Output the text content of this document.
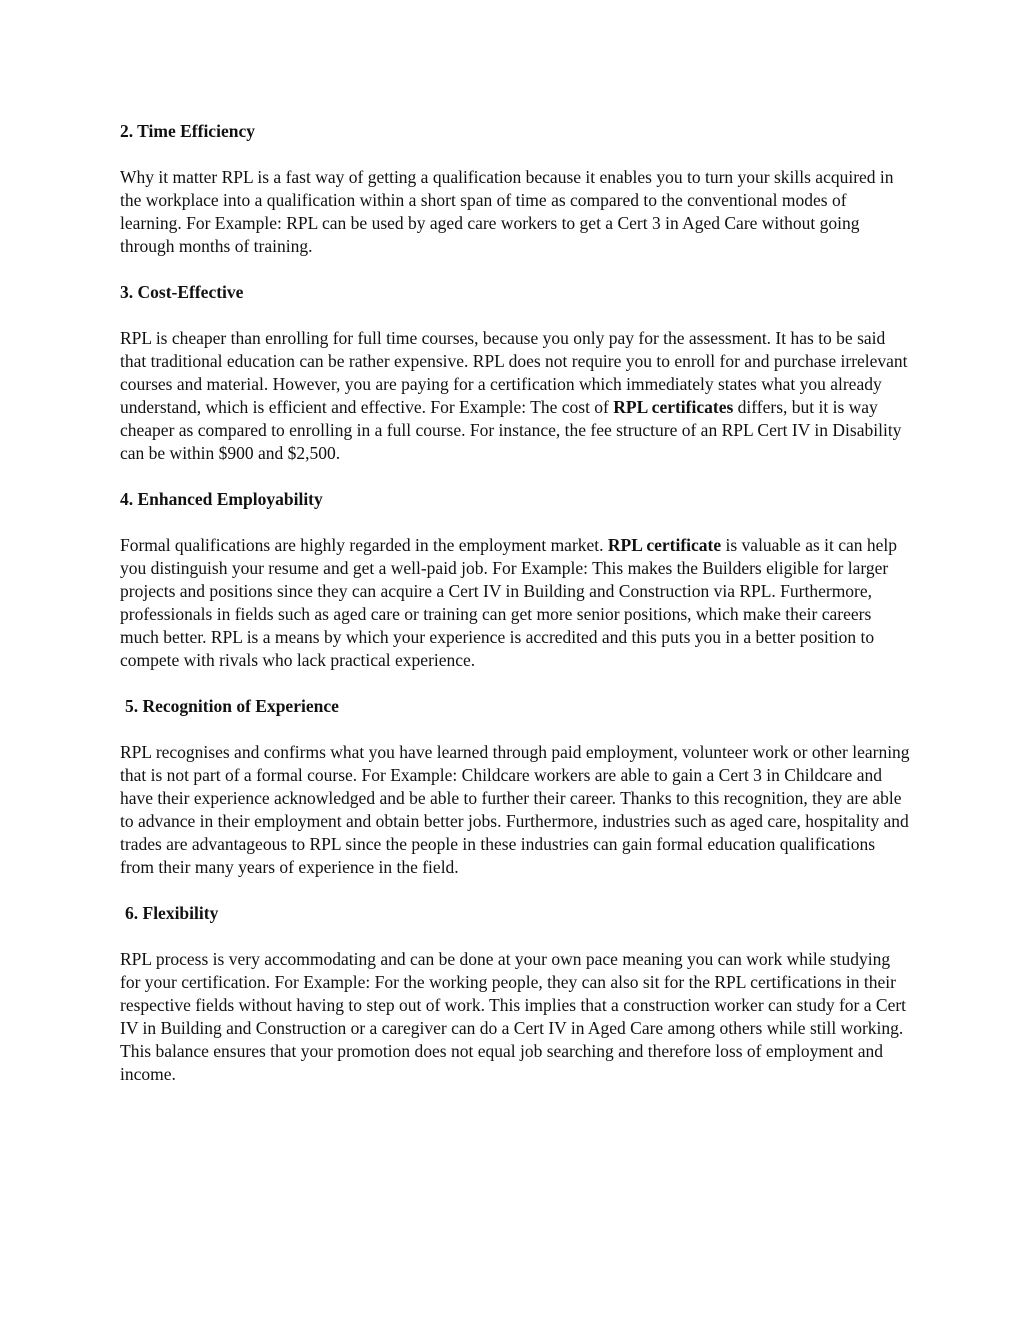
2. Time Efficiency

Why it matter RPL is a fast way of getting a qualification because it enables you to turn your skills acquired in the workplace into a qualification within a short span of time as compared to the conventional modes of learning. For Example: RPL can be used by aged care workers to get a Cert 3 in Aged Care without going through months of training.

3. Cost-Effective

RPL is cheaper than enrolling for full time courses, because you only pay for the assessment. It has to be said that traditional education can be rather expensive. RPL does not require you to enroll for and purchase irrelevant courses and material. However, you are paying for a certification which immediately states what you already understand, which is efficient and effective. For Example: The cost of RPL certificates differs, but it is way cheaper as compared to enrolling in a full course. For instance, the fee structure of an RPL Cert IV in Disability can be within $900 and $2,500.

4. Enhanced Employability

Formal qualifications are highly regarded in the employment market. RPL certificate is valuable as it can help you distinguish your resume and get a well-paid job. For Example: This makes the Builders eligible for larger projects and positions since they can acquire a Cert IV in Building and Construction via RPL. Furthermore, professionals in fields such as aged care or training can get more senior positions, which make their careers much better. RPL is a means by which your experience is accredited and this puts you in a better position to compete with rivals who lack practical experience.

5. Recognition of Experience

RPL recognises and confirms what you have learned through paid employment, volunteer work or other learning that is not part of a formal course. For Example: Childcare workers are able to gain a Cert 3 in Childcare and have their experience acknowledged and be able to further their career. Thanks to this recognition, they are able to advance in their employment and obtain better jobs. Furthermore, industries such as aged care, hospitality and trades are advantageous to RPL since the people in these industries can gain formal education qualifications from their many years of experience in the field.

6. Flexibility

RPL process is very accommodating and can be done at your own pace meaning you can work while studying for your certification. For Example: For the working people, they can also sit for the RPL certifications in their respective fields without having to step out of work. This implies that a construction worker can study for a Cert IV in Building and Construction or a caregiver can do a Cert IV in Aged Care among others while still working. This balance ensures that your promotion does not equal job searching and therefore loss of employment and income.
